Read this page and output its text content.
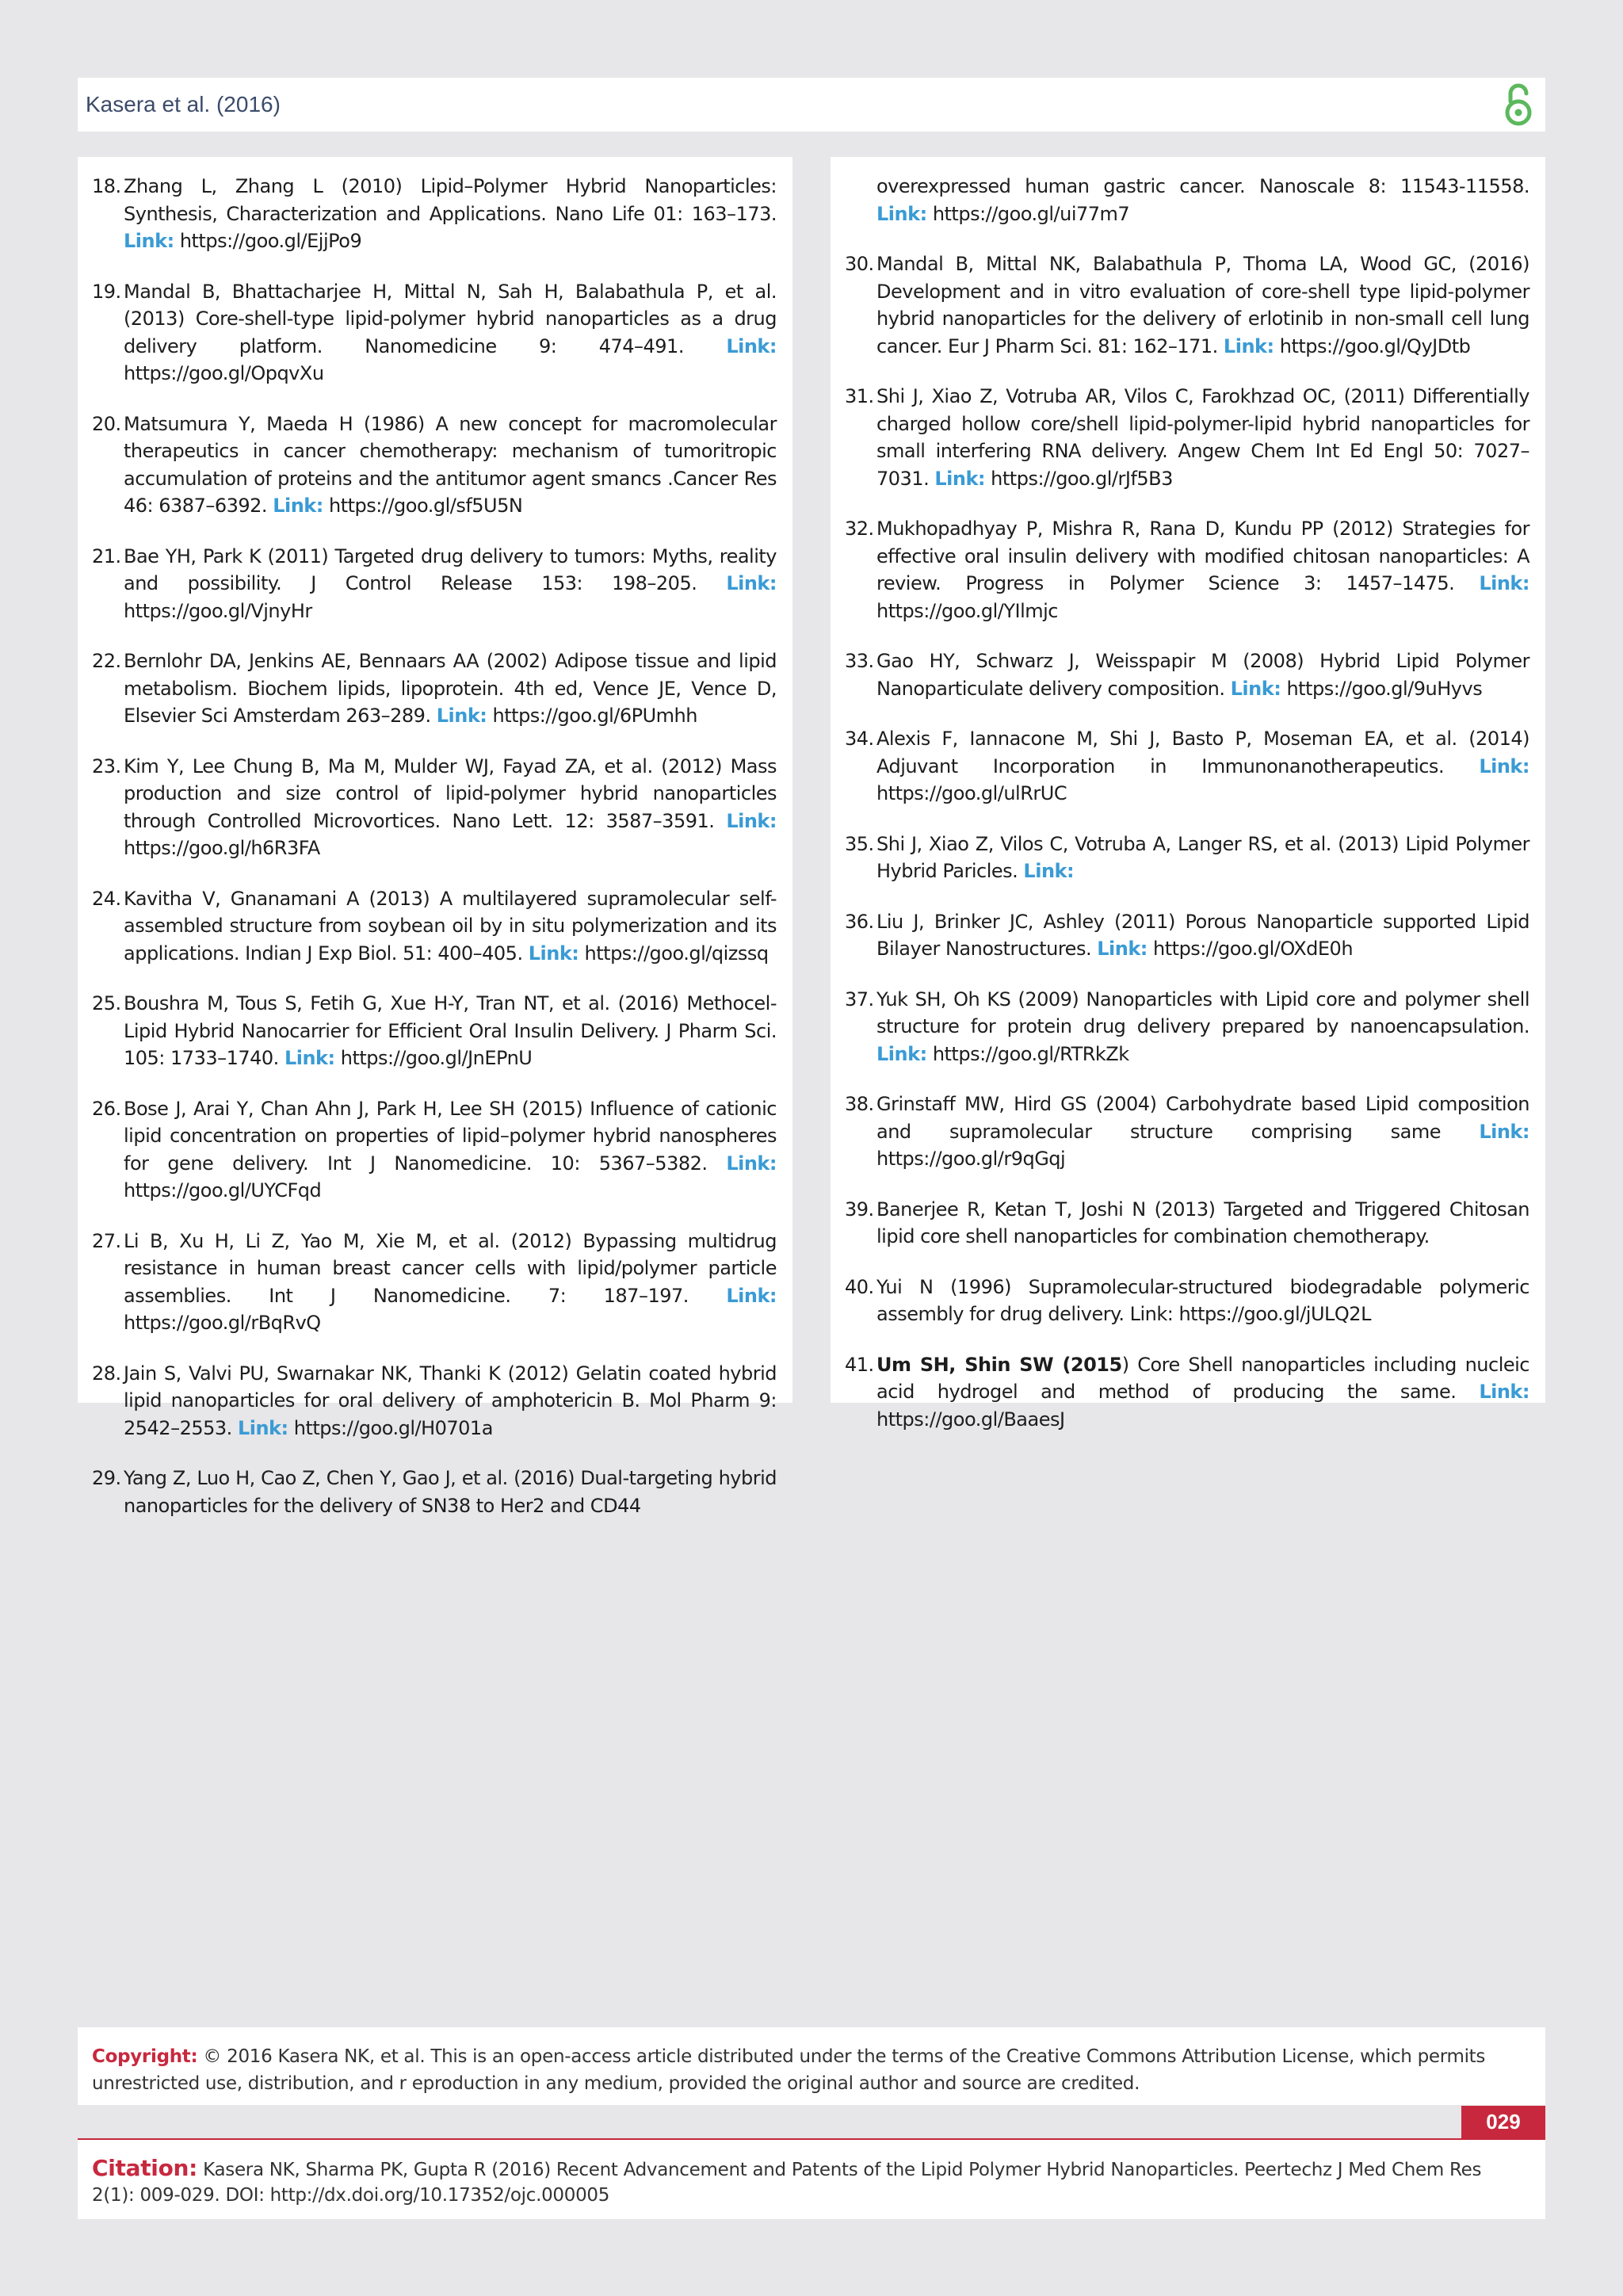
Kasera et al. (2016)
18. Zhang L, Zhang L (2010) Lipid–Polymer Hybrid Nanoparticles: Synthesis, Characterization and Applications. Nano Life 01: 163–173. Link: https://goo.gl/EjjPo9
19. Mandal B, Bhattacharjee H, Mittal N, Sah H, Balabathula P, et al. (2013) Core-shell-type lipid-polymer hybrid nanoparticles as a drug delivery platform. Nanomedicine 9: 474–491. Link: https://goo.gl/OpqvXu
20. Matsumura Y, Maeda H (1986) A new concept for macromolecular therapeutics in cancer chemotherapy: mechanism of tumoritropic accumulation of proteins and the antitumor agent smancs .Cancer Res 46: 6387–6392. Link: https://goo.gl/sf5U5N
21. Bae YH, Park K (2011) Targeted drug delivery to tumors: Myths, reality and possibility. J Control Release 153: 198–205. Link: https://goo.gl/VjnyHr
22. Bernlohr DA, Jenkins AE, Bennaars AA (2002) Adipose tissue and lipid metabolism. Biochem lipids, lipoprotein. 4th ed, Vence JE, Vence D, Elsevier Sci Amsterdam 263–289. Link: https://goo.gl/6PUmhh
23. Kim Y, Lee Chung B, Ma M, Mulder WJ, Fayad ZA, et al. (2012) Mass production and size control of lipid-polymer hybrid nanoparticles through Controlled Microvortices. Nano Lett. 12: 3587–3591. Link: https://goo.gl/h6R3FA
24. Kavitha V, Gnanamani A (2013) A multilayered supramolecular self-assembled structure from soybean oil by in situ polymerization and its applications. Indian J Exp Biol. 51: 400–405. Link: https://goo.gl/qizssq
25. Boushra M, Tous S, Fetih G, Xue H-Y, Tran NT, et al. (2016) Methocel-Lipid Hybrid Nanocarrier for Efficient Oral Insulin Delivery. J Pharm Sci. 105: 1733–1740. Link: https://goo.gl/JnEPnU
26. Bose J, Arai Y, Chan Ahn J, Park H, Lee SH (2015) Influence of cationic lipid concentration on properties of lipid–polymer hybrid nanospheres for gene delivery. Int J Nanomedicine. 10: 5367–5382. Link: https://goo.gl/UYCFqd
27. Li B, Xu H, Li Z, Yao M, Xie M, et al. (2012) Bypassing multidrug resistance in human breast cancer cells with lipid/polymer particle assemblies. Int J Nanomedicine. 7: 187–197. Link: https://goo.gl/rBqRvQ
28. Jain S, Valvi PU, Swarnakar NK, Thanki K (2012) Gelatin coated hybrid lipid nanoparticles for oral delivery of amphotericin B. Mol Pharm 9: 2542–2553. Link: https://goo.gl/H0701a
29. Yang Z, Luo H, Cao Z, Chen Y, Gao J, et al. (2016) Dual-targeting hybrid nanoparticles for the delivery of SN38 to Her2 and CD44
overexpressed human gastric cancer. Nanoscale 8: 11543-11558. Link: https://goo.gl/ui77m7
30. Mandal B, Mittal NK, Balabathula P, Thoma LA, Wood GC, (2016) Development and in vitro evaluation of core-shell type lipid-polymer hybrid nanoparticles for the delivery of erlotinib in non-small cell lung cancer. Eur J Pharm Sci. 81: 162–171. Link: https://goo.gl/QyJDtb
31. Shi J, Xiao Z, Votruba AR, Vilos C, Farokhzad OC, (2011) Differentially charged hollow core/shell lipid-polymer-lipid hybrid nanoparticles for small interfering RNA delivery. Angew Chem Int Ed Engl 50: 7027–7031. Link: https://goo.gl/rJf5B3
32. Mukhopadhyay P, Mishra R, Rana D, Kundu PP (2012) Strategies for effective oral insulin delivery with modified chitosan nanoparticles: A review. Progress in Polymer Science 3: 1457–1475. Link: https://goo.gl/YIlmjc
33. Gao HY, Schwarz J, Weisspapir M (2008) Hybrid Lipid Polymer Nanoparticulate delivery composition. Link: https://goo.gl/9uHyvs
34. Alexis F, Iannacone M, Shi J, Basto P, Moseman EA, et al. (2014) Adjuvant Incorporation in Immunonanotherapeutics. Link: https://goo.gl/ulRrUC
35. Shi J, Xiao Z, Vilos C, Votruba A, Langer RS, et al. (2013) Lipid Polymer Hybrid Paricles. Link:
36. Liu J, Brinker JC, Ashley (2011) Porous Nanoparticle supported Lipid Bilayer Nanostructures. Link: https://goo.gl/OXdE0h
37. Yuk SH, Oh KS (2009) Nanoparticles with Lipid core and polymer shell structure for protein drug delivery prepared by nanoencapsulation. Link: https://goo.gl/RTRkZk
38. Grinstaff MW, Hird GS (2004) Carbohydrate based Lipid composition and supramolecular structure comprising same Link: https://goo.gl/r9qGqj
39. Banerjee R, Ketan T, Joshi N (2013) Targeted and Triggered Chitosan lipid core shell nanoparticles for combination chemotherapy.
40. Yui N (1996) Supramolecular-structured biodegradable polymeric assembly for drug delivery. Link: https://goo.gl/jULQ2L
41. Um SH, Shin SW (2015) Core Shell nanoparticles including nucleic acid hydrogel and method of producing the same. Link: https://goo.gl/BaaesJ
Copyright: © 2016 Kasera NK, et al. This is an open-access article distributed under the terms of the Creative Commons Attribution License, which permits unrestricted use, distribution, and r eproduction in any medium, provided the original author and source are credited.
029
Citation: Kasera NK, Sharma PK, Gupta R (2016) Recent Advancement and Patents of the Lipid Polymer Hybrid Nanoparticles. Peertechz J Med Chem Res 2(1): 009-029. DOI: http://dx.doi.org/10.17352/ojc.000005
